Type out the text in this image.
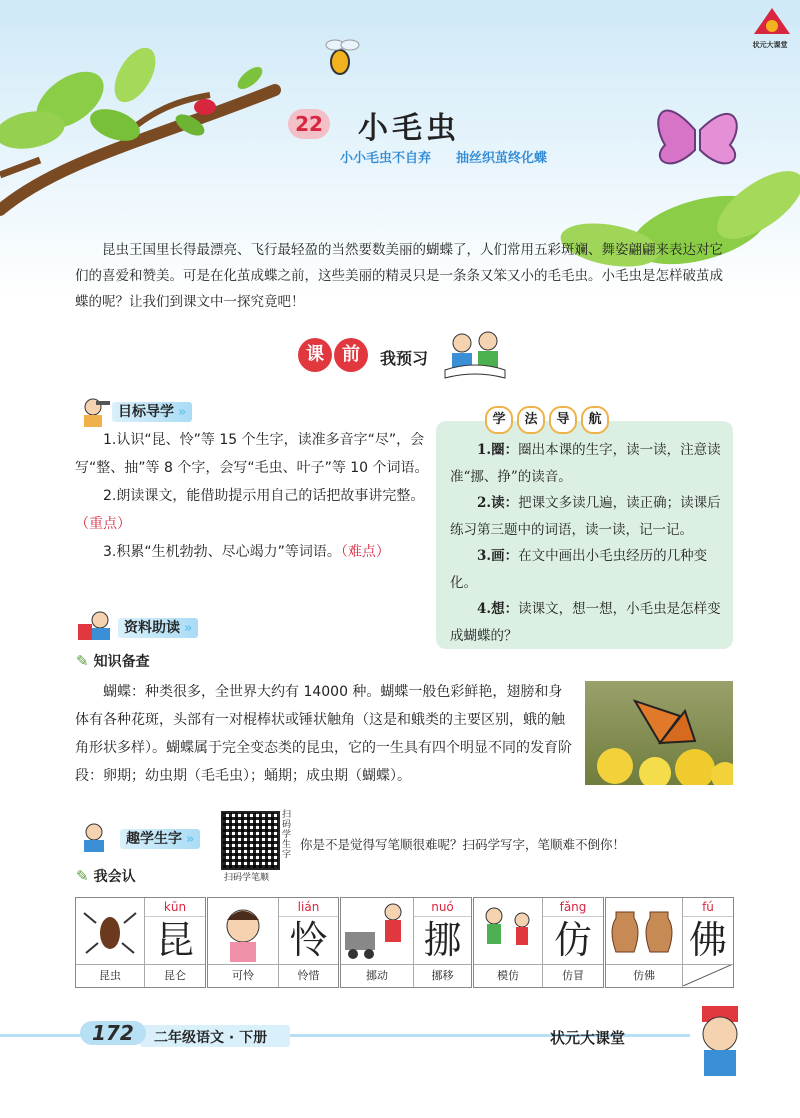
状元大课堂
22 小毛虫
小小毛虫不自弃 抽丝织茧终化蝶
昆虫王国里长得最漂亮、飞行最轻盈的当然要数美丽的蝴蝶了，人们常用五彩斑斓、舞姿翩翩来表达对它们的喜爱和赞美。可是在化茧成蝶之前，这些美丽的精灵只是一条条又笨又小的毛毛虫。小毛虫是怎样破茧成蝶的呢？让我们到课文中一探究竟吧！
课 前	我预习
目标导学 »
1.认识“昆、怜”等 15 个生字，读准多音字“尽”，会写“整、抽”等 8 个字，会写“毛虫、叶子”等 10 个词语。
2.朗读课文，能借助提示用自己的话把故事讲完整。（重点）
3.积累“生机勃勃、尽心竭力”等词语。（难点）
学 法 导 航

1.圈：圈出本课的生字，读一读，注意读准“挪、挣”的读音。

2.读：把课文多读几遍，读正确；读课后练习第三题中的词语，读一读，记一记。

3.画：在文中画出小毛虫经历的几种变化。

4.想：读课文，想一想，小毛虫是怎样变成蝴蝶的？

资料助读 »
✎ 知识备查
蝴蝶：种类很多，全世界大约有 14000 种。蝴蝶一般色彩鲜艳，翅膀和身体有各种花斑，头部有一对棍棒状或锤状触角（这是和蛾类的主要区别，蛾的触角形状多样）。蝴蝶属于完全变态类的昆虫，它的一生具有四个明显不同的发育阶段：卵期；幼虫期（毛毛虫）；蛹期；成虫期（蝴蝶）。
趣学生字 »
扫码学生字
扫码学笔顺
你是不是觉得写笔顺很难呢？扫码学写字，笔顺难不倒你！
✎ 我会认
kūn
昆
昆虫	昆仑
lián
怜
可怜	怜惜
nuó
挪
挪动	挪移
fǎng
仿
模仿	仿冒
fú
佛
仿佛
172	二年级语文 · 下册	状元大课堂
